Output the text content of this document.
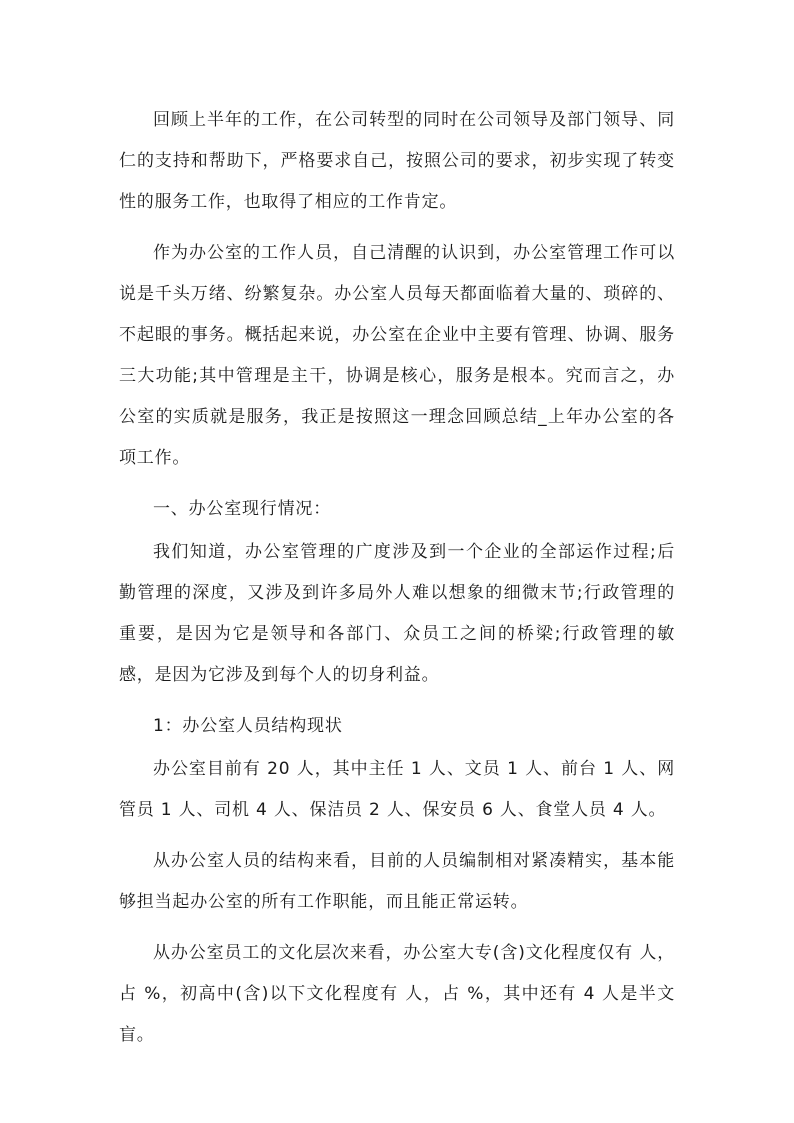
回顾上半年的工作，在公司转型的同时在公司领导及部门领导、同仁的支持和帮助下，严格要求自己，按照公司的要求，初步实现了转变性的服务工作，也取得了相应的工作肯定。

作为办公室的工作人员，自己清醒的认识到，办公室管理工作可以说是千头万绪、纷繁复杂。办公室人员每天都面临着大量的、琐碎的、不起眼的事务。概括起来说，办公室在企业中主要有管理、协调、服务三大功能;其中管理是主干，协调是核心，服务是根本。究而言之，办公室的实质就是服务，我正是按照这一理念回顾总结_上年办公室的各项工作。

一、办公室现行情况：

我们知道，办公室管理的广度涉及到一个企业的全部运作过程;后勤管理的深度，又涉及到许多局外人难以想象的细微末节;行政管理的重要，是因为它是领导和各部门、众员工之间的桥梁;行政管理的敏感，是因为它涉及到每个人的切身利益。

1：办公室人员结构现状

办公室目前有 20 人，其中主任 1 人、文员 1 人、前台 1 人、网管员 1 人、司机 4 人、保洁员 2 人、保安员 6 人、食堂人员 4 人。

从办公室人员的结构来看，目前的人员编制相对紧凑精实，基本能够担当起办公室的所有工作职能，而且能正常运转。

从办公室员工的文化层次来看，办公室大专(含)文化程度仅有 人，占 %，初高中(含)以下文化程度有 人，占 %，其中还有 4 人是半文盲。
